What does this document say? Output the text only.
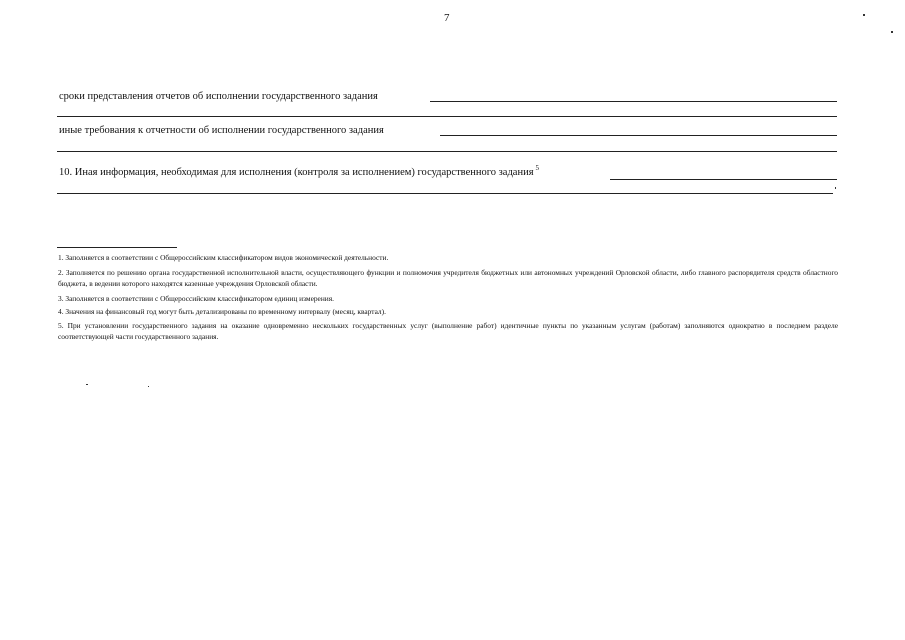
7
сроки представления отчетов об исполнении государственного задания
иные требования к отчетности об исполнении государственного задания
10. Иная информация, необходимая для исполнения (контроля за исполнением) государственного задания $^5$

1. Заполняется в соответствии с Общероссийским классификатором видов экономической деятельности.

2. Заполняется по решению органа государственной исполнительной власти, осуществляющего функции и полномочия учредителя бюджетных или автономных учреждений Орловской области, либо главного распорядителя средств областного бюджета, в ведении которого находятся казенные учреждения Орловской области.

3. Заполняется в соответствии с Общероссийским классификатором единиц измерения.

4. Значения на финансовый год могут быть детализированы по временному интервалу (месяц, квартал).

5. При установлении государственного задания на оказание одновременно нескольких государственных услуг (выполнение работ) идентичные пункты по указанным услугам (работам) заполняются однократно в последнем разделе соответствующей части государственного задания.
